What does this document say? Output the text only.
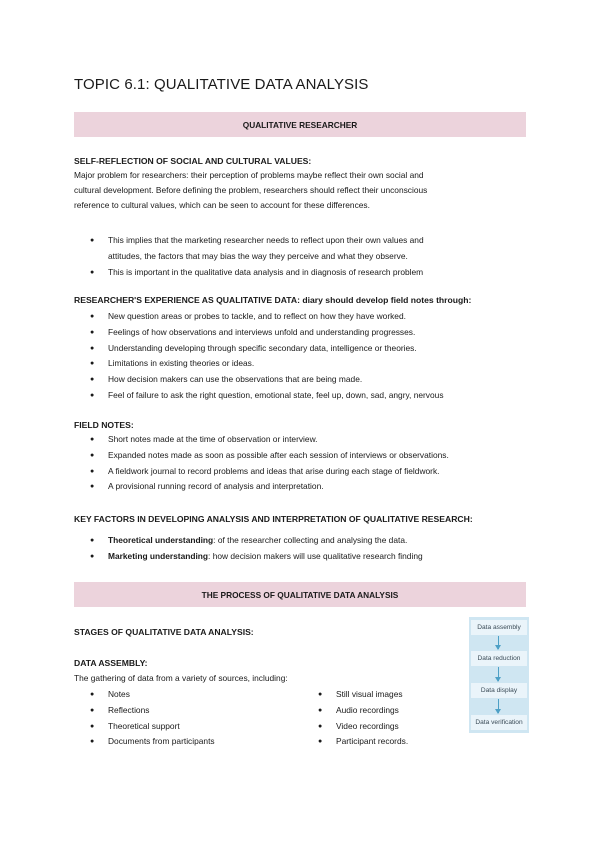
TOPIC 6.1: QUALITATIVE DATA ANALYSIS
QUALITATIVE RESEARCHER
SELF-REFLECTION OF SOCIAL AND CULTURAL VALUES:
Major problem for researchers: their perception of problems maybe reflect their own social and
cultural development. Before defining the problem, researchers should reflect their unconscious
reference to cultural values, which can be seen to account for these differences.
● This implies that the marketing researcher needs to reflect upon their own values and
attitudes, the factors that may bias the way they perceive and what they observe.
● This is important in the qualitative data analysis and in diagnosis of research problem
RESEARCHER'S EXPERIENCE AS QUALITATIVE DATA: diary should develop field notes through:
● New question areas or probes to tackle, and to reflect on how they have worked.
● Feelings of how observations and interviews unfold and understanding progresses.
● Understanding developing through specific secondary data, intelligence or theories.
● Limitations in existing theories or ideas.
● How decision makers can use the observations that are being made.
● Feel of failure to ask the right question, emotional state, feel up, down, sad, angry, nervous
FIELD NOTES:
● Short notes made at the time of observation or interview.
● Expanded notes made as soon as possible after each session of interviews or observations.
● A fieldwork journal to record problems and ideas that arise during each stage of fieldwork.
● A provisional running record of analysis and interpretation.
KEY FACTORS IN DEVELOPING ANALYSIS AND INTERPRETATION OF QUALITATIVE RESEARCH:
● Theoretical understanding: of the researcher collecting and analysing the data.
● Marketing understanding: how decision makers will use qualitative research finding
THE PROCESS OF QUALITATIVE DATA ANALYSIS
STAGES OF QUALITATIVE DATA ANALYSIS:
DATA ASSEMBLY:
The gathering of data from a variety of sources, including:
● Notes
● Reflections
● Theoretical support
● Documents from participants
● Still visual images
● Audio recordings
● Video recordings
● Participant records.
Data assembly
Data reduction
Data display
Data verification
